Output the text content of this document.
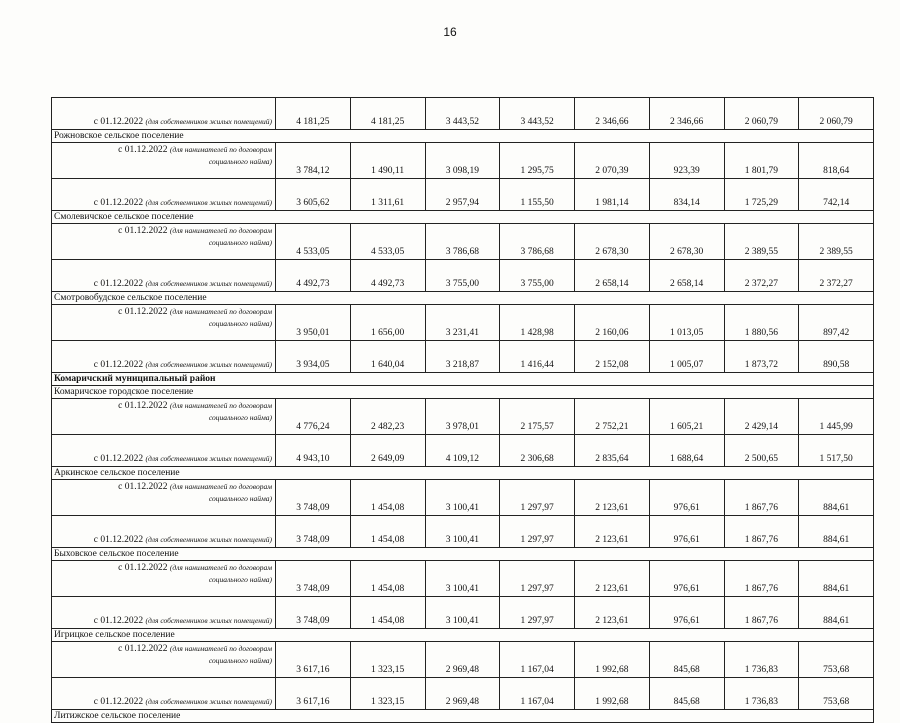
16
с 01.12.2022 (для собственников жилых помещений)	4 181,25	4 181,25	3 443,52	3 443,52	2 346,66	2 346,66	2 060,79	2 060,79
Рожновское сельское поселение								
с 01.12.2022 (для нанимателей по договорам
социального найма)	3 784,12	1 490,11	3 098,19	1 295,75	2 070,39	923,39	1 801,79	818,64
с 01.12.2022 (для собственников жилых помещений)	3 605,62	1 311,61	2 957,94	1 155,50	1 981,14	834,14	1 725,29	742,14
Смолевичское сельское поселение								
с 01.12.2022 (для нанимателей по договорам
социального найма)	4 533,05	4 533,05	3 786,68	3 786,68	2 678,30	2 678,30	2 389,55	2 389,55
с 01.12.2022 (для собственников жилых помещений)	4 492,73	4 492,73	3 755,00	3 755,00	2 658,14	2 658,14	2 372,27	2 372,27
Смотровобудское сельское поселение								
с 01.12.2022 (для нанимателей по договорам
социального найма)	3 950,01	1 656,00	3 231,41	1 428,98	2 160,06	1 013,05	1 880,56	897,42
с 01.12.2022 (для собственников жилых помещений)	3 934,05	1 640,04	3 218,87	1 416,44	2 152,08	1 005,07	1 873,72	890,58
Комаричский муниципальный район								
Комаричское городское поселение								
с 01.12.2022 (для нанимателей по договорам
социального найма)	4 776,24	2 482,23	3 978,01	2 175,57	2 752,21	1 605,21	2 429,14	1 445,99
с 01.12.2022 (для собственников жилых помещений)	4 943,10	2 649,09	4 109,12	2 306,68	2 835,64	1 688,64	2 500,65	1 517,50
Аркинское сельское поселение								
с 01.12.2022 (для нанимателей по договорам
социального найма)	3 748,09	1 454,08	3 100,41	1 297,97	2 123,61	976,61	1 867,76	884,61
с 01.12.2022 (для собственников жилых помещений)	3 748,09	1 454,08	3 100,41	1 297,97	2 123,61	976,61	1 867,76	884,61
Быховское сельское поселение								
с 01.12.2022 (для нанимателей по договорам
социального найма)	3 748,09	1 454,08	3 100,41	1 297,97	2 123,61	976,61	1 867,76	884,61
с 01.12.2022 (для собственников жилых помещений)	3 748,09	1 454,08	3 100,41	1 297,97	2 123,61	976,61	1 867,76	884,61
Игрицкое сельское поселение								
с 01.12.2022 (для нанимателей по договорам
социального найма)	3 617,16	1 323,15	2 969,48	1 167,04	1 992,68	845,68	1 736,83	753,68
с 01.12.2022 (для собственников жилых помещений)	3 617,16	1 323,15	2 969,48	1 167,04	1 992,68	845,68	1 736,83	753,68
Литижское сельское поселение								
